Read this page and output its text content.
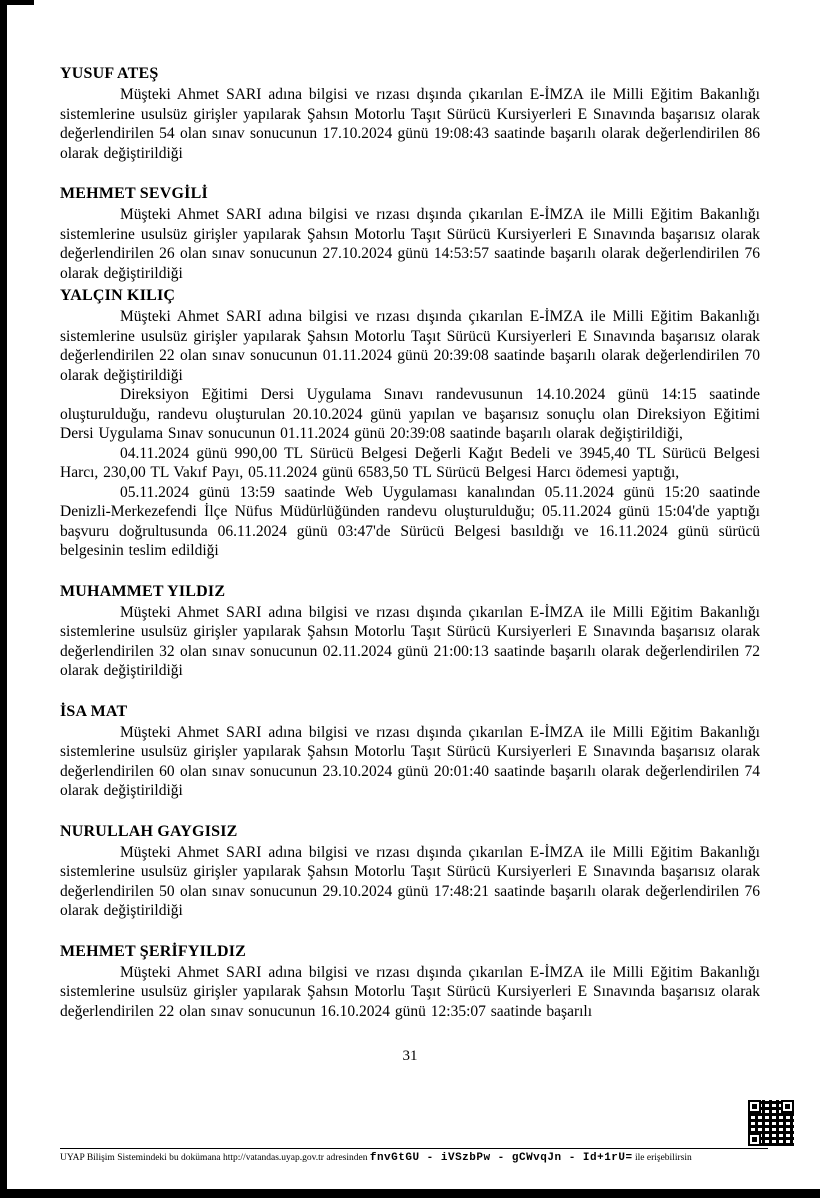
YUSUF ATEŞ

Müşteki Ahmet SARI adına bilgisi ve rızası dışında çıkarılan E-İMZA ile Milli Eğitim Bakanlığı sistemlerine usulsüz girişler yapılarak Şahsın Motorlu Taşıt Sürücü Kursiyerleri E Sınavında başarısız olarak değerlendirilen 54 olan sınav sonucunun 17.10.2024 günü 19:08:43 saatinde başarılı olarak değerlendirilen 86 olarak değiştirildiği

MEHMET SEVGİLİ

Müşteki Ahmet SARI adına bilgisi ve rızası dışında çıkarılan E-İMZA ile Milli Eğitim Bakanlığı sistemlerine usulsüz girişler yapılarak Şahsın Motorlu Taşıt Sürücü Kursiyerleri E Sınavında başarısız olarak değerlendirilen 26 olan sınav sonucunun 27.10.2024 günü 14:53:57 saatinde başarılı olarak değerlendirilen 76 olarak değiştirildiği

YALÇIN KILIÇ

Müşteki Ahmet SARI adına bilgisi ve rızası dışında çıkarılan E-İMZA ile Milli Eğitim Bakanlığı sistemlerine usulsüz girişler yapılarak Şahsın Motorlu Taşıt Sürücü Kursiyerleri E Sınavında başarısız olarak değerlendirilen 22 olan sınav sonucunun 01.11.2024 günü 20:39:08 saatinde başarılı olarak değerlendirilen 70 olarak değiştirildiği

Direksiyon Eğitimi Dersi Uygulama Sınavı randevusunun 14.10.2024 günü 14:15 saatinde oluşturulduğu, randevu oluşturulan 20.10.2024 günü yapılan ve başarısız sonuçlu olan Direksiyon Eğitimi Dersi Uygulama Sınav sonucunun 01.11.2024 günü 20:39:08 saatinde başarılı olarak değiştirildiği,

04.11.2024 günü 990,00 TL Sürücü Belgesi Değerli Kağıt Bedeli ve 3945,40 TL Sürücü Belgesi Harcı, 230,00 TL Vakıf Payı, 05.11.2024 günü 6583,50 TL Sürücü Belgesi Harcı ödemesi yaptığı,

05.11.2024 günü 13:59 saatinde Web Uygulaması kanalından 05.11.2024 günü 15:20 saatinde Denizli-Merkezefendi İlçe Nüfus Müdürlüğünden randevu oluşturulduğu; 05.11.2024 günü 15:04'de yaptığı başvuru doğrultusunda 06.11.2024 günü 03:47'de Sürücü Belgesi basıldığı ve 16.11.2024 günü sürücü belgesinin teslim edildiği

MUHAMMET YILDIZ

Müşteki Ahmet SARI adına bilgisi ve rızası dışında çıkarılan E-İMZA ile Milli Eğitim Bakanlığı sistemlerine usulsüz girişler yapılarak Şahsın Motorlu Taşıt Sürücü Kursiyerleri E Sınavında başarısız olarak değerlendirilen 32 olan sınav sonucunun 02.11.2024 günü 21:00:13 saatinde başarılı olarak değerlendirilen 72 olarak değiştirildiği

İSA MAT

Müşteki Ahmet SARI adına bilgisi ve rızası dışında çıkarılan E-İMZA ile Milli Eğitim Bakanlığı sistemlerine usulsüz girişler yapılarak Şahsın Motorlu Taşıt Sürücü Kursiyerleri E Sınavında başarısız olarak değerlendirilen 60 olan sınav sonucunun 23.10.2024 günü 20:01:40 saatinde başarılı olarak değerlendirilen 74 olarak değiştirildiği

NURULLAH GAYGISIZ

Müşteki Ahmet SARI adına bilgisi ve rızası dışında çıkarılan E-İMZA ile Milli Eğitim Bakanlığı sistemlerine usulsüz girişler yapılarak Şahsın Motorlu Taşıt Sürücü Kursiyerleri E Sınavında başarısız olarak değerlendirilen 50 olan sınav sonucunun 29.10.2024 günü 17:48:21 saatinde başarılı olarak değerlendirilen 76 olarak değiştirildiği

MEHMET ŞERİFYILDIZ

Müşteki Ahmet SARI adına bilgisi ve rızası dışında çıkarılan E-İMZA ile Milli Eğitim Bakanlığı sistemlerine usulsüz girişler yapılarak Şahsın Motorlu Taşıt Sürücü Kursiyerleri E Sınavında başarısız olarak değerlendirilen 22 olan sınav sonucunun 16.10.2024 günü 12:35:07 saatinde başarılı

31
UYAP Bilişim Sistemindeki bu dokümana http://vatandas.uyap.gov.tr adresinden fnvGtGU - iVSzbPw - gCWvqJn - Id+1rU= ile erişebilirsin
